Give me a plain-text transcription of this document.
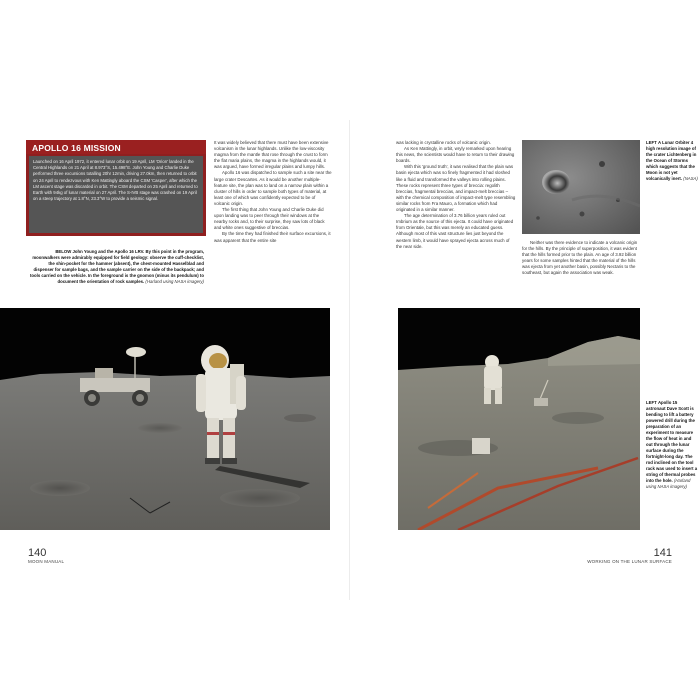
APOLLO 16 MISSION
Launched on 16 April 1972, it entered lunar orbit on 19 April, LM 'Orion' landed in the Central Highlands on 21 April at 8.973°S, 15.498°E. John Young and Charlie Duke performed three excursions totalling 20hr 12min, driving 27.0km, then returned to orbit on 24 April to rendezvous with Ken Mattingly aboard the CSM 'Casper', after which the LM ascent stage was discarded in orbit. The CSM departed on 25 April and returned to Earth with 94kg of lunar material on 27 April. The S-IVB stage was crashed on 19 April on a steep trajectory at 1.8°N, 23.3°W to provide a seismic signal.
BELOW John Young and the Apollo 16 LRV. By this point in the program, moonwalkers were admirably equipped for field geology: observe the cuff-checklist, the shin-pocket for the hammer (absent), the chest-mounted Hasselblad and dispenser for sample bags, and the sample carrier on the side of the backpack; and tools carried on the vehicle. In the foreground is the gnomon (minus its pendulum) to document the orientation of rock samples. (Harland using NASA imagery)

It was widely believed that there must have been extensive volcanism in the lunar highlands. Unlike the low-viscosity magma from the mantle that rose through the crust to form the flat maria plains, the magma in the highlands would, it was argued, have formed irregular plains and lumpy hills.

Apollo 16 was dispatched to sample such a site near the large crater Descartes. As it would be another multiple-feature site, the plan was to land on a narrow plain within a cluster of hills in order to sample both types of material, at least one of which was confidently expected to be of volcanic origin.

The first thing that John Young and Charlie Duke did upon landing was to peer through their windows at the nearby rocks and, to their surprise, they saw lots of black and white ones suggestive of breccias.

By the time they had finished their surface excursions, it was apparent that the entire site

140
MOON MANUAL

was lacking in crystalline rocks of volcanic origin.

As Ken Mattingly, in orbit, wryly remarked upon hearing this news, the scientists would have to return to their drawing boards.

With this 'ground truth', it was realised that the plain was basin ejecta which was so finely fragmented it had sloshed like a fluid and transformed the valleys into rolling plains. These rocks represent three types of breccia: regolith breccias, fragmental breccias, and impact-melt breccias – with the chemical composition of impact-melt type resembling similar rocks from Fra Mauro, a formation which had originated in a similar manner.

The age determination of 3.76 billion years ruled out Imbrium as the source of this ejecta. It could have originated from Orientale, but this was merely an educated guess. Although most of this vast structure lies just beyond the western limb, it would have sprayed ejecta across much of the near side.

LEFT A Lunar Orbiter 4 high resolution image of the crater Lichtenberg in the Ocean of Storms which suggests that the Moon is not yet volcanically inert. (NASA)

Neither was there evidence to indicate a volcanic origin for the hills. By the principle of superposition, it was evident that the hills formed prior to the plain. An age of 3.92 billion years for some samples hinted that the material of the hills was ejecta from yet another basin, possibly Nectaris to the southeast, but again the association was weak.

LEFT Apollo 15 astronaut Dave Scott is bending to lift a battery powered drill during the preparation of an experiment to measure the flow of heat in and out through the lunar surface during the fortnight-long day. The rod inclined on the tool rack was used to insert a string of thermal probes into the hole. (Harland using NASA imagery)
141
WORKING ON THE LUNAR SURFACE
